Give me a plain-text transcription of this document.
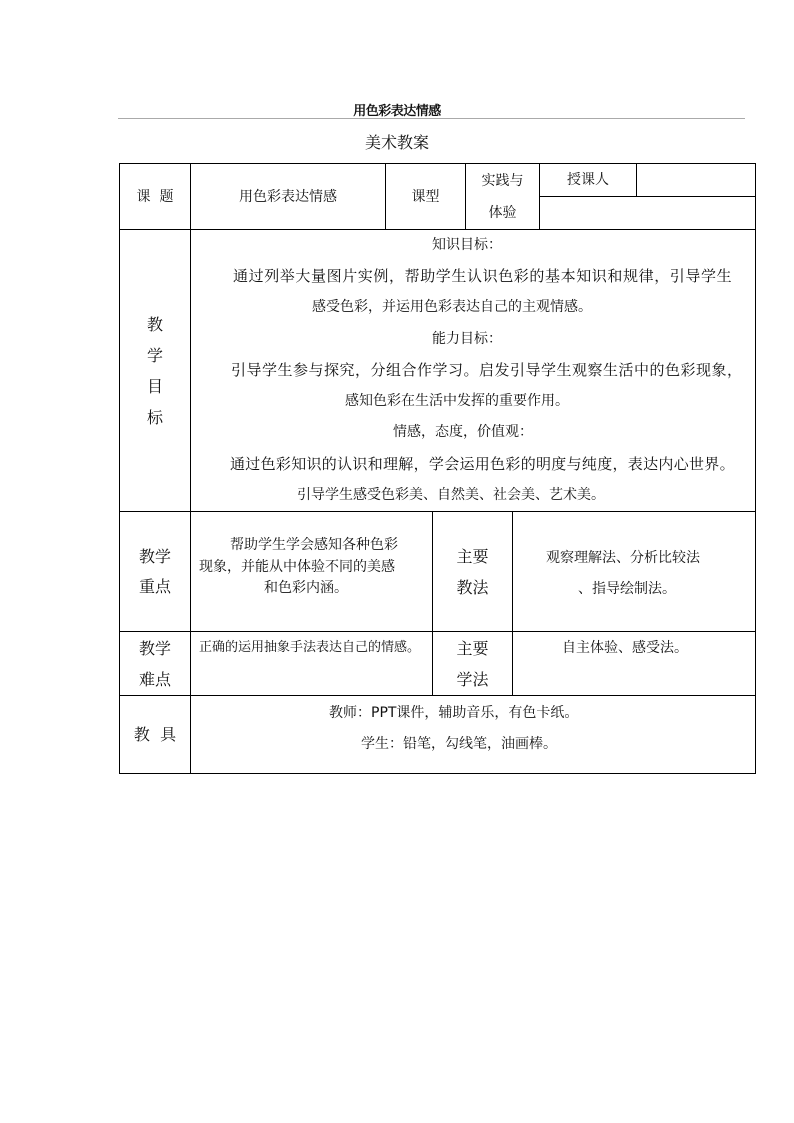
用色彩表达情感
美术教案
课  题	用色彩表达情感	课型
实践与
体验
授课人
教
学
目
标
知识目标：
通过列举大量图片实例，帮助学生认识色彩的基本知识和规律，引导学生
感受色彩，并运用色彩表达自己的主观情感。
能力目标：
引导学生参与探究，分组合作学习。启发引导学生观察生活中的色彩现象，
感知色彩在生活中发挥的重要作用。
情感，态度，价值观：
通过色彩知识的认识和理解，学会运用色彩的明度与纯度，表达内心世界。
引导学生感受色彩美、自然美、社会美、艺术美。
教学
重点
帮助学生学会感知各种色彩
现象，并能从中体验不同的美感
和色彩内涵。
主要
教法
观察理解法、分析比较法
、指导绘制法。
教学
难点
正确的运用抽象手法表达自己的情感。 主要
学法
自主体验、感受法。
教  具
教师：PPT课件，辅助音乐，有色卡纸。
学生：铅笔，勾线笔，油画棒。
